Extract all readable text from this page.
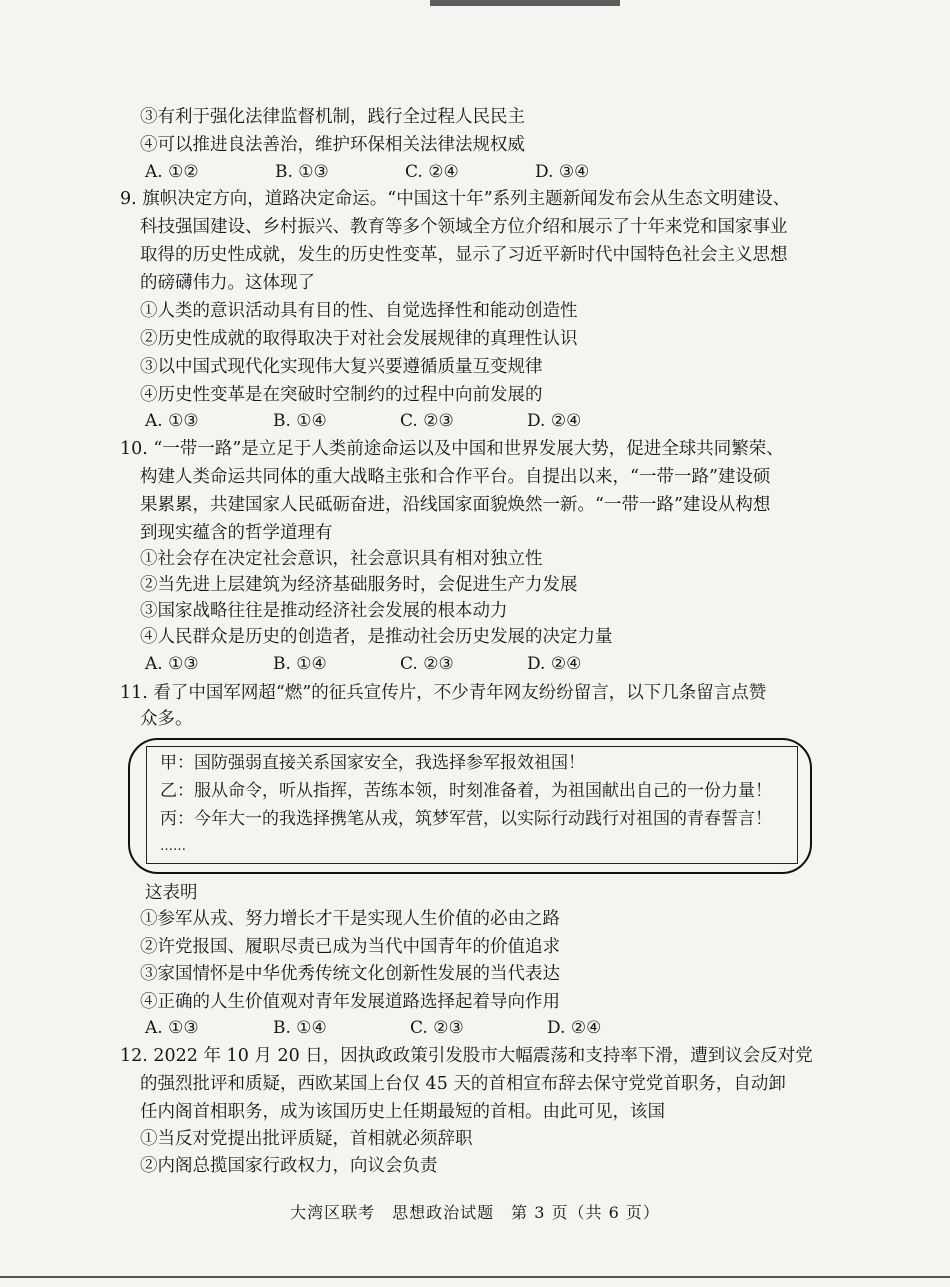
③有利于强化法律监督机制，践行全过程人民民主
④可以推进良法善治，维护环保相关法律法规权威
A. ①②	B. ①③	C. ②④	D. ③④
9. 旗帜决定方向，道路决定命运。“中国这十年”系列主题新闻发布会从生态文明建设、
科技强国建设、乡村振兴、教育等多个领域全方位介绍和展示了十年来党和国家事业
取得的历史性成就，发生的历史性变革，显示了习近平新时代中国特色社会主义思想
的磅礴伟力。这体现了
①人类的意识活动具有目的性、自觉选择性和能动创造性
②历史性成就的取得取决于对社会发展规律的真理性认识
③以中国式现代化实现伟大复兴要遵循质量互变规律
④历史性变革是在突破时空制约的过程中向前发展的
A. ①③	B. ①④	C. ②③	D. ②④
10. “一带一路”是立足于人类前途命运以及中国和世界发展大势，促进全球共同繁荣、
构建人类命运共同体的重大战略主张和合作平台。自提出以来，“一带一路”建设硕
果累累，共建国家人民砥砺奋进，沿线国家面貌焕然一新。“一带一路”建设从构想
到现实蕴含的哲学道理有
①社会存在决定社会意识，社会意识具有相对独立性
②当先进上层建筑为经济基础服务时，会促进生产力发展
③国家战略往往是推动经济社会发展的根本动力
④人民群众是历史的创造者，是推动社会历史发展的决定力量
A. ①③	B. ①④	C. ②③	D. ②④
11. 看了中国军网超“燃”的征兵宣传片，不少青年网友纷纷留言，以下几条留言点赞
众多。
甲：国防强弱直接关系国家安全，我选择参军报效祖国！
乙：服从命令，听从指挥，苦练本领，时刻准备着，为祖国献出自己的一份力量！
丙：今年大一的我选择携笔从戎，筑梦军营，以实际行动践行对祖国的青春誓言！
……
这表明
①参军从戎、努力增长才干是实现人生价值的必由之路
②许党报国、履职尽责已成为当代中国青年的价值追求
③家国情怀是中华优秀传统文化创新性发展的当代表达
④正确的人生价值观对青年发展道路选择起着导向作用
A. ①③	B. ①④	C. ②③	D. ②④
12. 2022 年 10 月 20 日，因执政政策引发股市大幅震荡和支持率下滑，遭到议会反对党
的强烈批评和质疑，西欧某国上台仅 45 天的首相宣布辞去保守党党首职务，自动卸
任内阁首相职务，成为该国历史上任期最短的首相。由此可见，该国
①当反对党提出批评质疑，首相就必须辞职
②内阁总揽国家行政权力，向议会负责
大湾区联考　思想政治试题　第 3 页（共 6 页）
